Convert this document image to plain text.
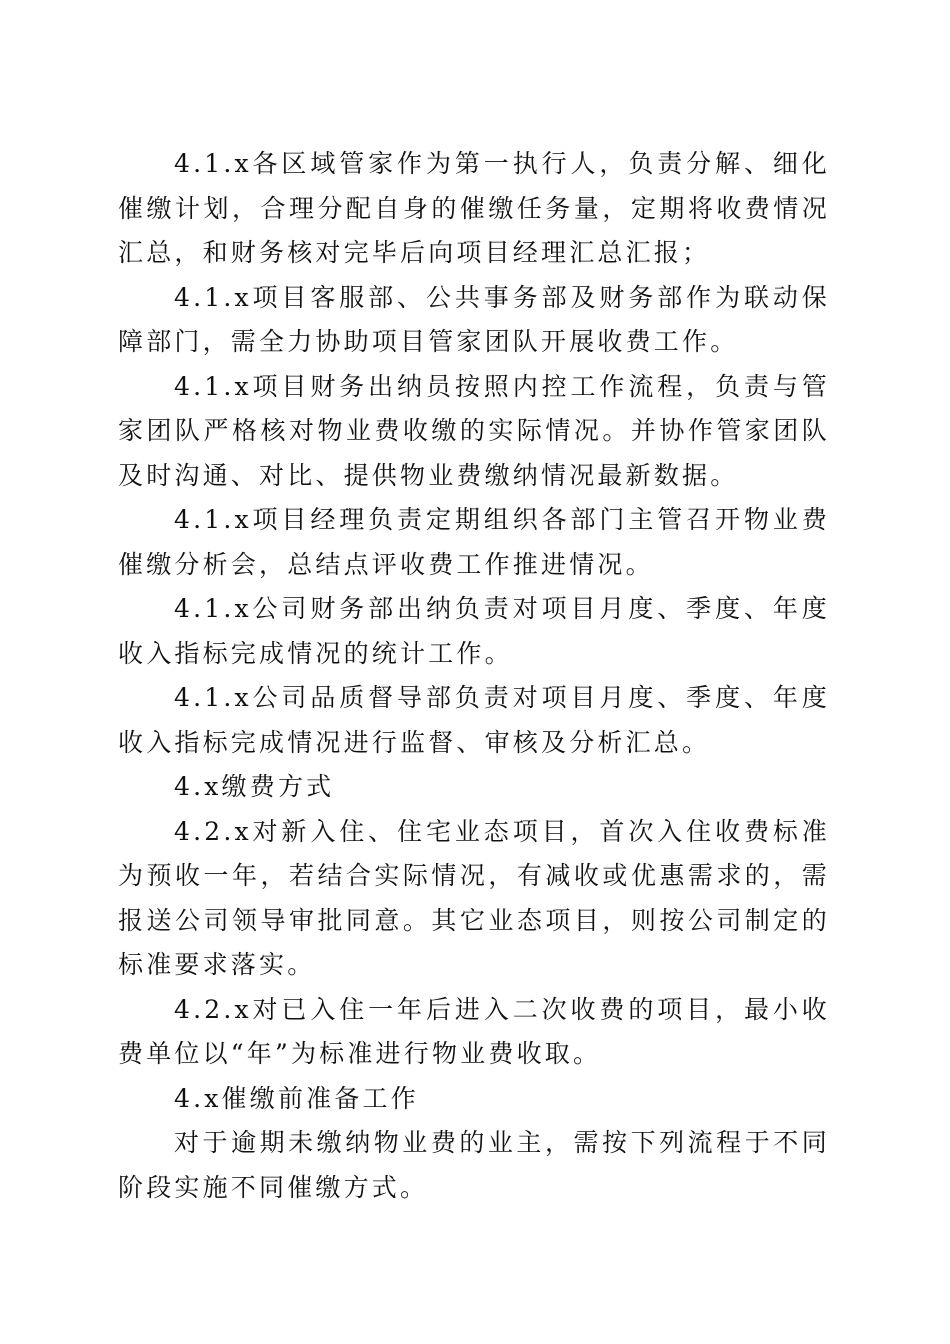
4.1.x各区域管家作为第一执行人，负责分解、细化催缴计划，合理分配自身的催缴任务量，定期将收费情况汇总，和财务核对完毕后向项目经理汇总汇报；

4.1.x项目客服部、公共事务部及财务部作为联动保障部门，需全力协助项目管家团队开展收费工作。

4.1.x项目财务出纳员按照内控工作流程，负责与管家团队严格核对物业费收缴的实际情况。并协作管家团队及时沟通、对比、提供物业费缴纳情况最新数据。

4.1.x项目经理负责定期组织各部门主管召开物业费催缴分析会，总结点评收费工作推进情况。

4.1.x公司财务部出纳负责对项目月度、季度、年度收入指标完成情况的统计工作。

4.1.x公司品质督导部负责对项目月度、季度、年度收入指标完成情况进行监督、审核及分析汇总。

4.x缴费方式

4.2.x对新入住、住宅业态项目，首次入住收费标准为预收一年，若结合实际情况，有减收或优惠需求的，需报送公司领导审批同意。其它业态项目，则按公司制定的标准要求落实。

4.2.x对已入住一年后进入二次收费的项目，最小收费单位以“年”为标准进行物业费收取。

4.x催缴前准备工作

对于逾期未缴纳物业费的业主，需按下列流程于不同阶段实施不同催缴方式。
